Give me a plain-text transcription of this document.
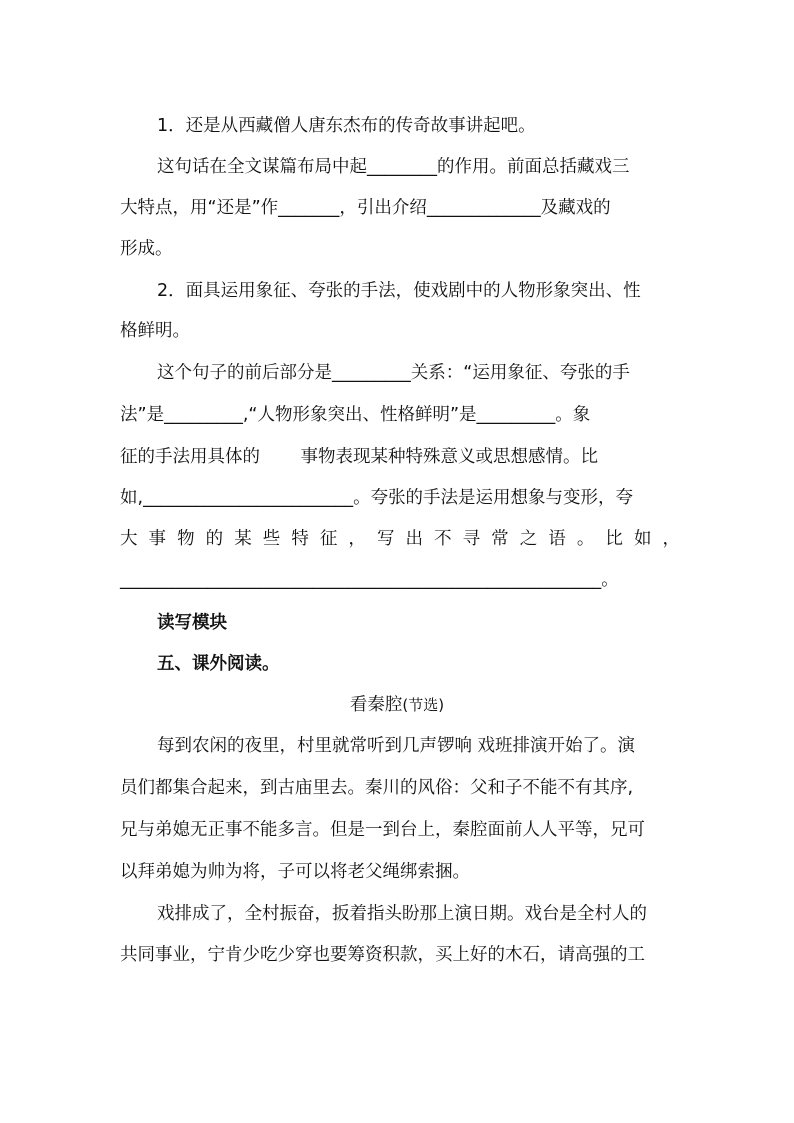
1．还是从西藏僧人唐东杰布的传奇故事讲起吧。
这句话在全文谋篇布局中起________的作用。前面总括藏戏三
大特点，用“还是”作_______，引出介绍_____________及藏戏的
形成。
2．面具运用象征、夸张的手法，使戏剧中的人物形象突出、性
格鲜明。
这个句子的前后部分是_________关系：“运用象征、夸张的手
法”是_________,“人物形象突出、性格鲜明”是_________。象
征的手法用具体的　　 事物表现某种特殊意义或思想感情。比
如,________________________。夸张的手法是运用想象与变形，夸
大事物的某些特征，写出不寻常之语。比如，
_______________________________________________________。
读写模块
五、课外阅读。
看秦腔(节选)
每到农闲的夜里，村里就常听到几声锣响 戏班排演开始了。演
员们都集合起来，到古庙里去。秦川的风俗：父和子不能不有其序,
兄与弟媳无正事不能多言。但是一到台上，秦腔面前人人平等，兄可
以拜弟媳为帅为将，子可以将老父绳绑索捆。
戏排成了，全村振奋，扳着指头盼那上演日期。戏台是全村人的
共同事业，宁肯少吃少穿也要筹资积款，买上好的木石，请高强的工
